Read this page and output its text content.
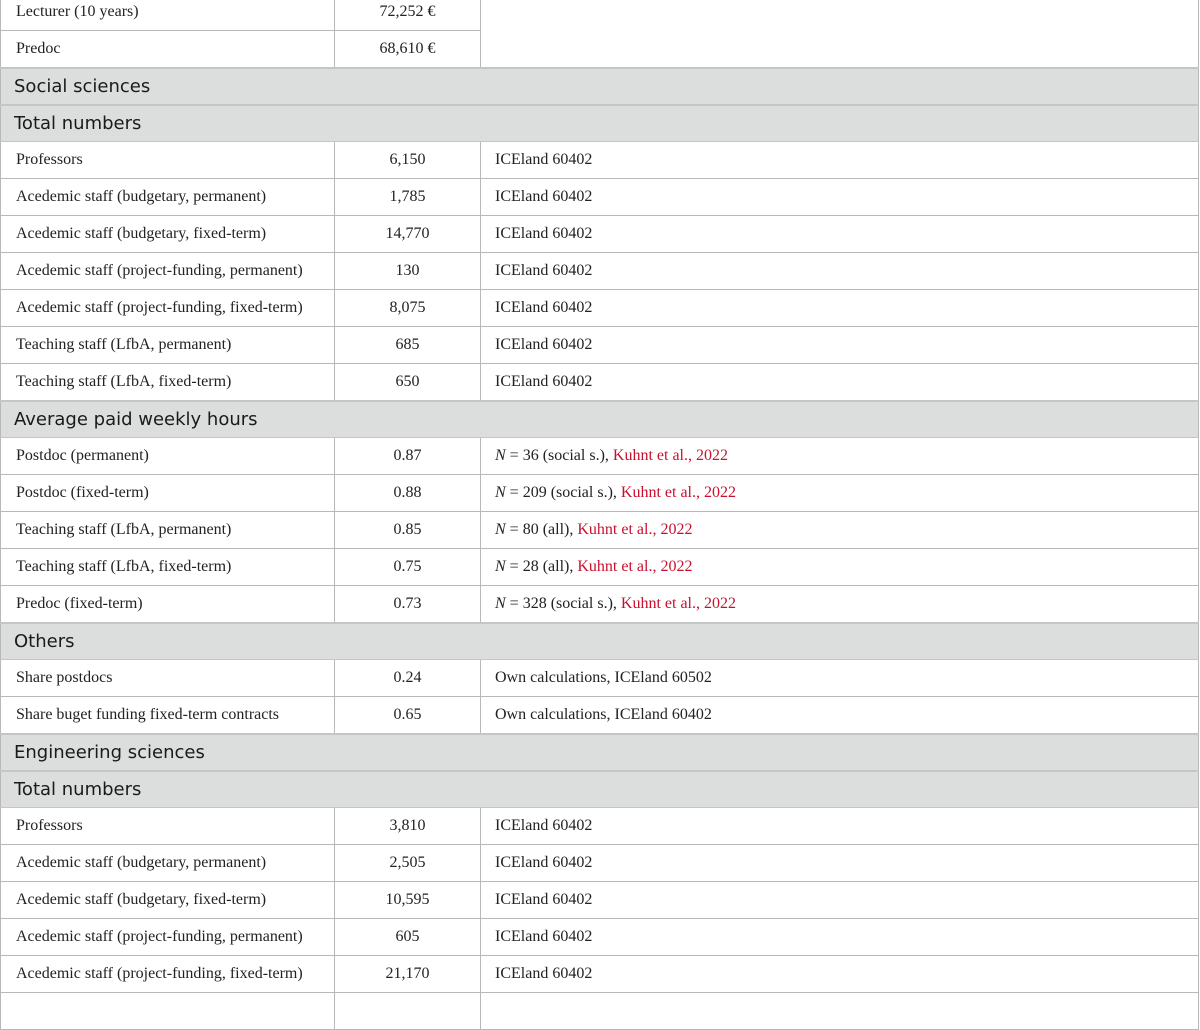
Lecturer (10 years)	72,252 €	
Predoc	68,610 €	
Social sciences		
Total numbers		
Professors	6,150	ICEland 60402
Acedemic staff (budgetary, permanent)	1,785	ICEland 60402
Acedemic staff (budgetary, fixed-term)	14,770	ICEland 60402
Acedemic staff (project-funding, permanent)	130	ICEland 60402
Acedemic staff (project-funding, fixed-term)	8,075	ICEland 60402
Teaching staff (LfbA, permanent)	685	ICEland 60402
Teaching staff (LfbA, fixed-term)	650	ICEland 60402
Average paid weekly hours		
Postdoc (permanent)	0.87	N = 36 (social s.), Kuhnt et al., 2022
Postdoc (fixed-term)	0.88	N = 209 (social s.), Kuhnt et al., 2022
Teaching staff (LfbA, permanent)	0.85	N = 80 (all), Kuhnt et al., 2022
Teaching staff (LfbA, fixed-term)	0.75	N = 28 (all), Kuhnt et al., 2022
Predoc (fixed-term)	0.73	N = 328 (social s.), Kuhnt et al., 2022
Others		
Share postdocs	0.24	Own calculations, ICEland 60502
Share buget funding fixed-term contracts	0.65	Own calculations, ICEland 60402
Engineering sciences		
Total numbers		
Professors	3,810	ICEland 60402
Acedemic staff (budgetary, permanent)	2,505	ICEland 60402
Acedemic staff (budgetary, fixed-term)	10,595	ICEland 60402
Acedemic staff (project-funding, permanent)	605	ICEland 60402
Acedemic staff (project-funding, fixed-term)	21,170	ICEland 60402
